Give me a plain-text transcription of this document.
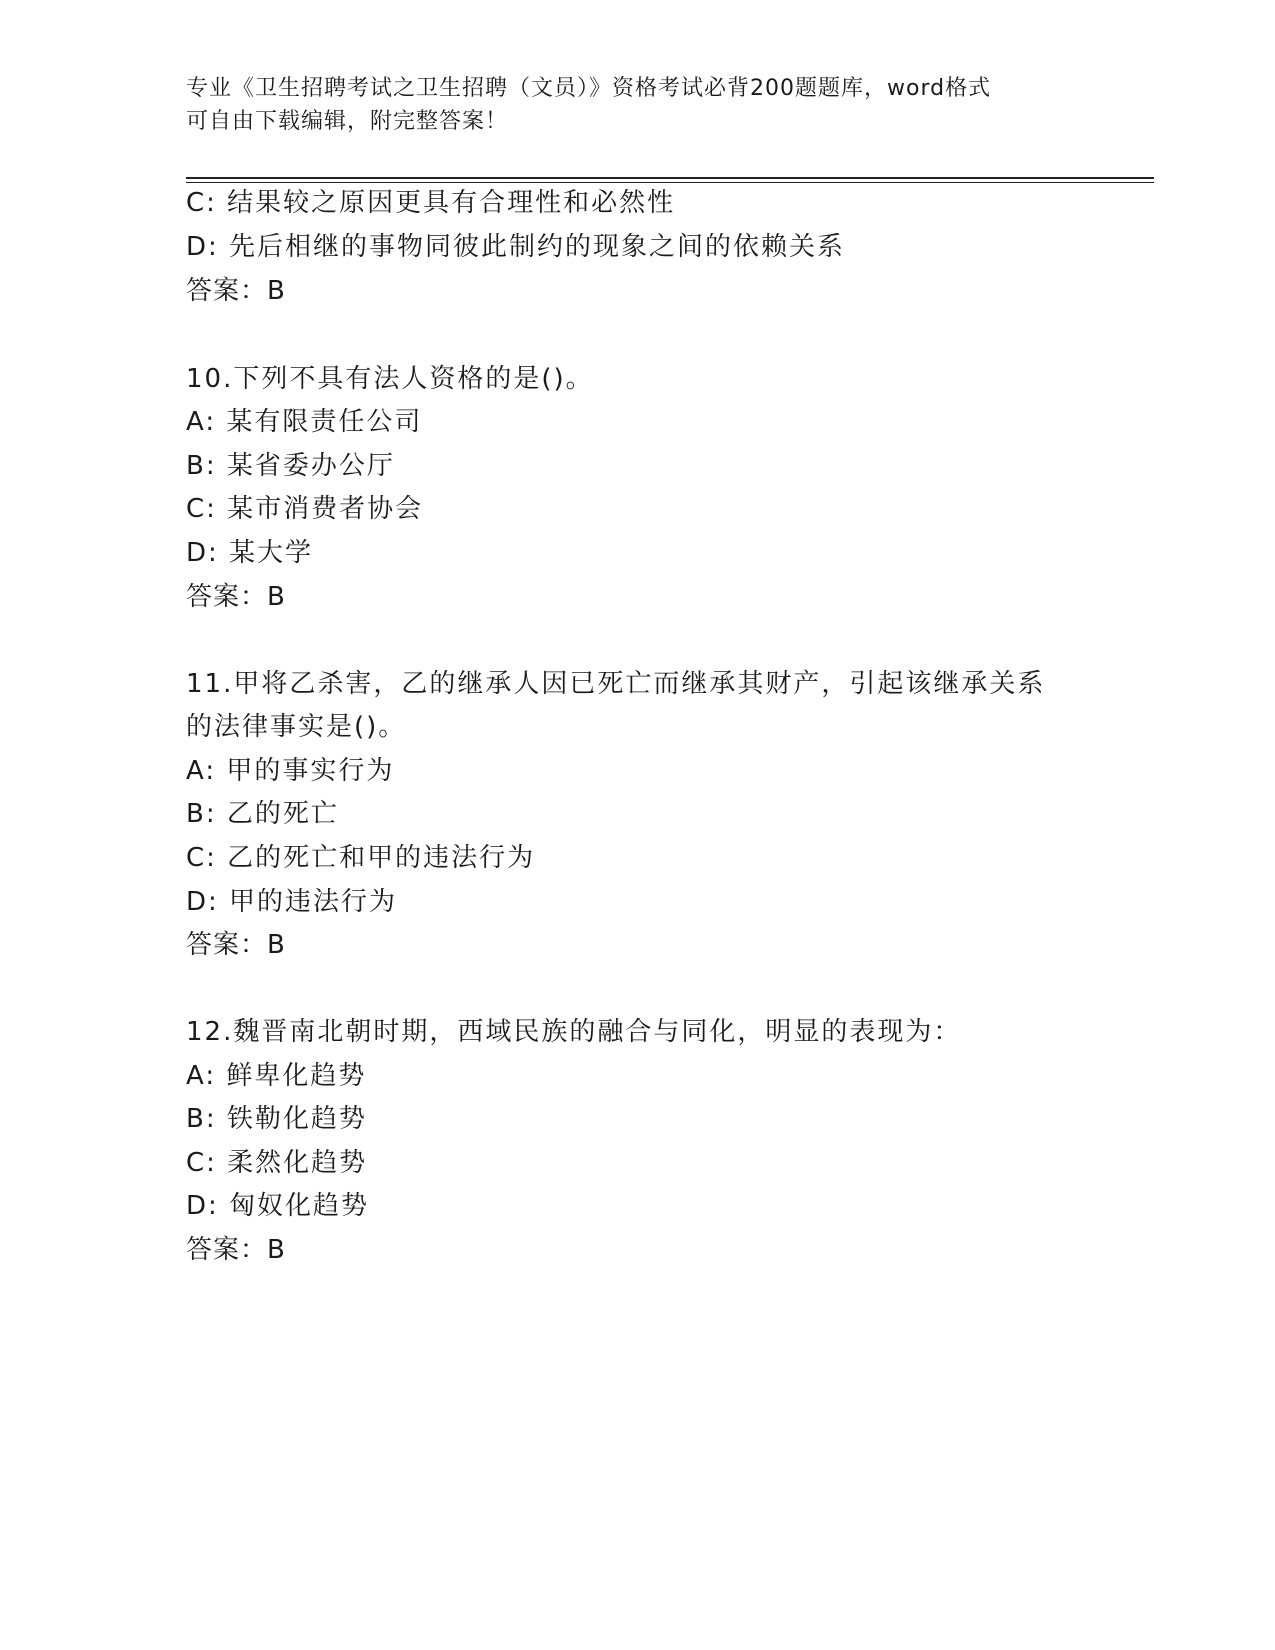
专业《卫生招聘考试之卫生招聘（文员）》资格考试必背200题题库，word格式
可自由下载编辑，附完整答案！
C: 结果较之原因更具有合理性和必然性
D: 先后相继的事物同彼此制约的现象之间的依赖关系
答案：B
10.下列不具有法人资格的是()。
A: 某有限责任公司
B: 某省委办公厅
C: 某市消费者协会
D: 某大学
答案：B
11.甲将乙杀害，乙的继承人因已死亡而继承其财产，引起该继承关系
的法律事实是()。
A: 甲的事实行为
B: 乙的死亡
C: 乙的死亡和甲的违法行为
D: 甲的违法行为
答案：B
12.魏晋南北朝时期，西域民族的融合与同化，明显的表现为：
A: 鲜卑化趋势
B: 铁勒化趋势
C: 柔然化趋势
D: 匈奴化趋势
答案：B
